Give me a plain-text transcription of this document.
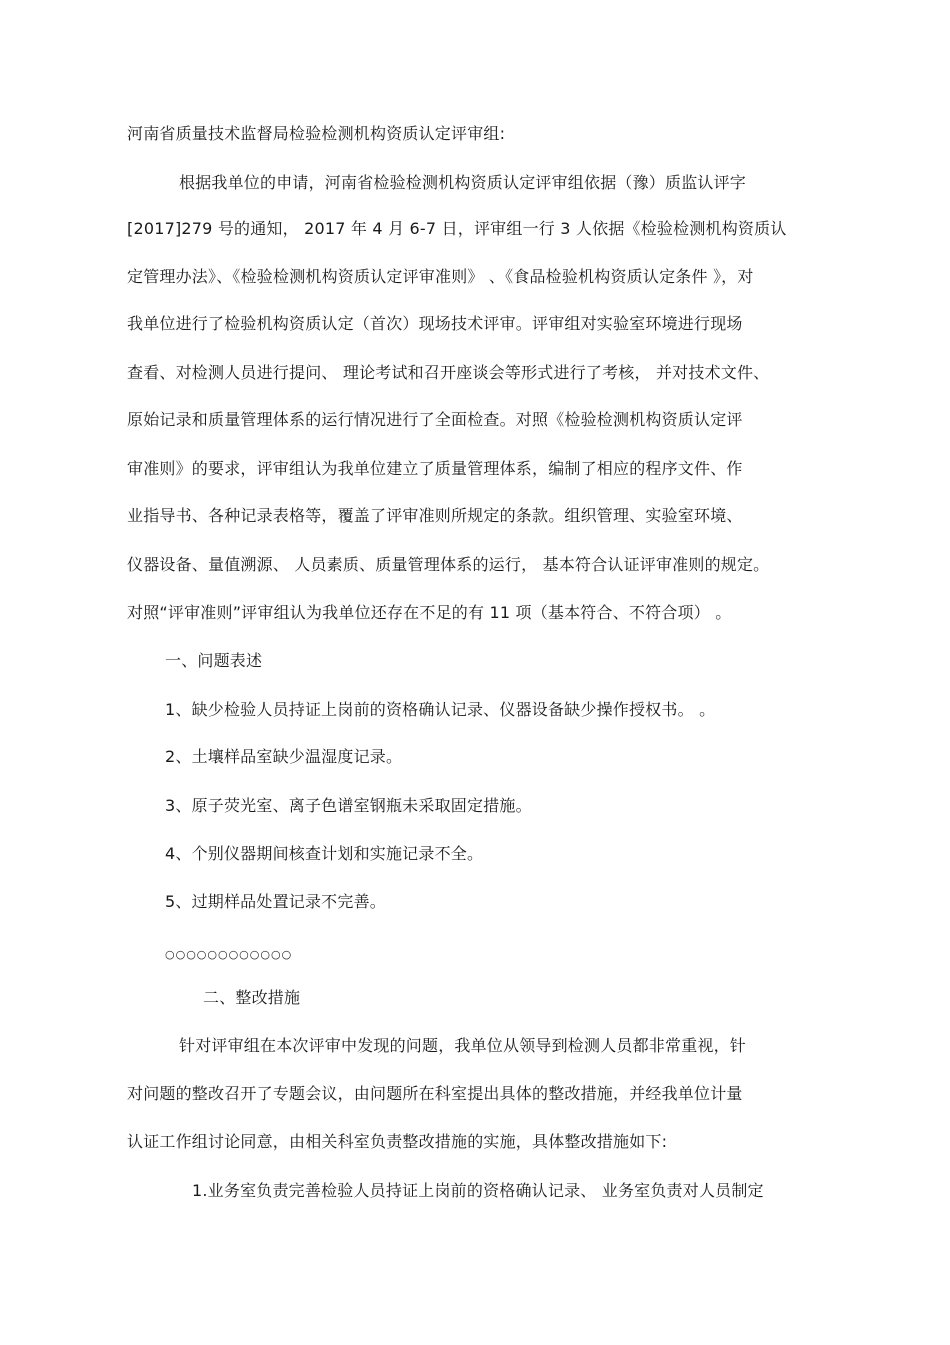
河南省质量技术监督局检验检测机构资质认定评审组:
根据我单位的申请，河南省检验检测机构资质认定评审组依据（豫）质监认评字
[2017]279 号的通知， 2017 年 4 月 6-7 日，评审组一行 3 人依据《检验检测机构资质认
定管理办法》、《检验检测机构资质认定评审准则》 、《食品检验机构资质认定条件 》，对
我单位进行了检验机构资质认定（首次）现场技术评审。评审组对实验室环境进行现场
查看、对检测人员进行提问、 理论考试和召开座谈会等形式进行了考核， 并对技术文件、
原始记录和质量管理体系的运行情况进行了全面检查。对照《检验检测机构资质认定评
审准则》的要求，评审组认为我单位建立了质量管理体系，编制了相应的程序文件、作
业指导书、各种记录表格等，覆盖了评审准则所规定的条款。组织管理、实验室环境、
仪器设备、量值溯源、 人员素质、质量管理体系的运行， 基本符合认证评审准则的规定。
对照“评审准则”评审组认为我单位还存在不足的有 11 项（基本符合、不符合项） 。
一、问题表述
1、缺少检验人员持证上岗前的资格确认记录、仪器设备缺少操作授权书。 。
2、土壤样品室缺少温湿度记录。
3、原子荧光室、离子色谱室钢瓶未采取固定措施。
4、个别仪器期间核查计划和实施记录不全。
5、过期样品处置记录不完善。
○○○○○○○○○○○○
二、整改措施
针对评审组在本次评审中发现的问题，我单位从领导到检测人员都非常重视，针
对问题的整改召开了专题会议，由问题所在科室提出具体的整改措施，并经我单位计量
认证工作组讨论同意，由相关科室负责整改措施的实施，具体整改措施如下:
1.业务室负责完善检验人员持证上岗前的资格确认记录、 业务室负责对人员制定
